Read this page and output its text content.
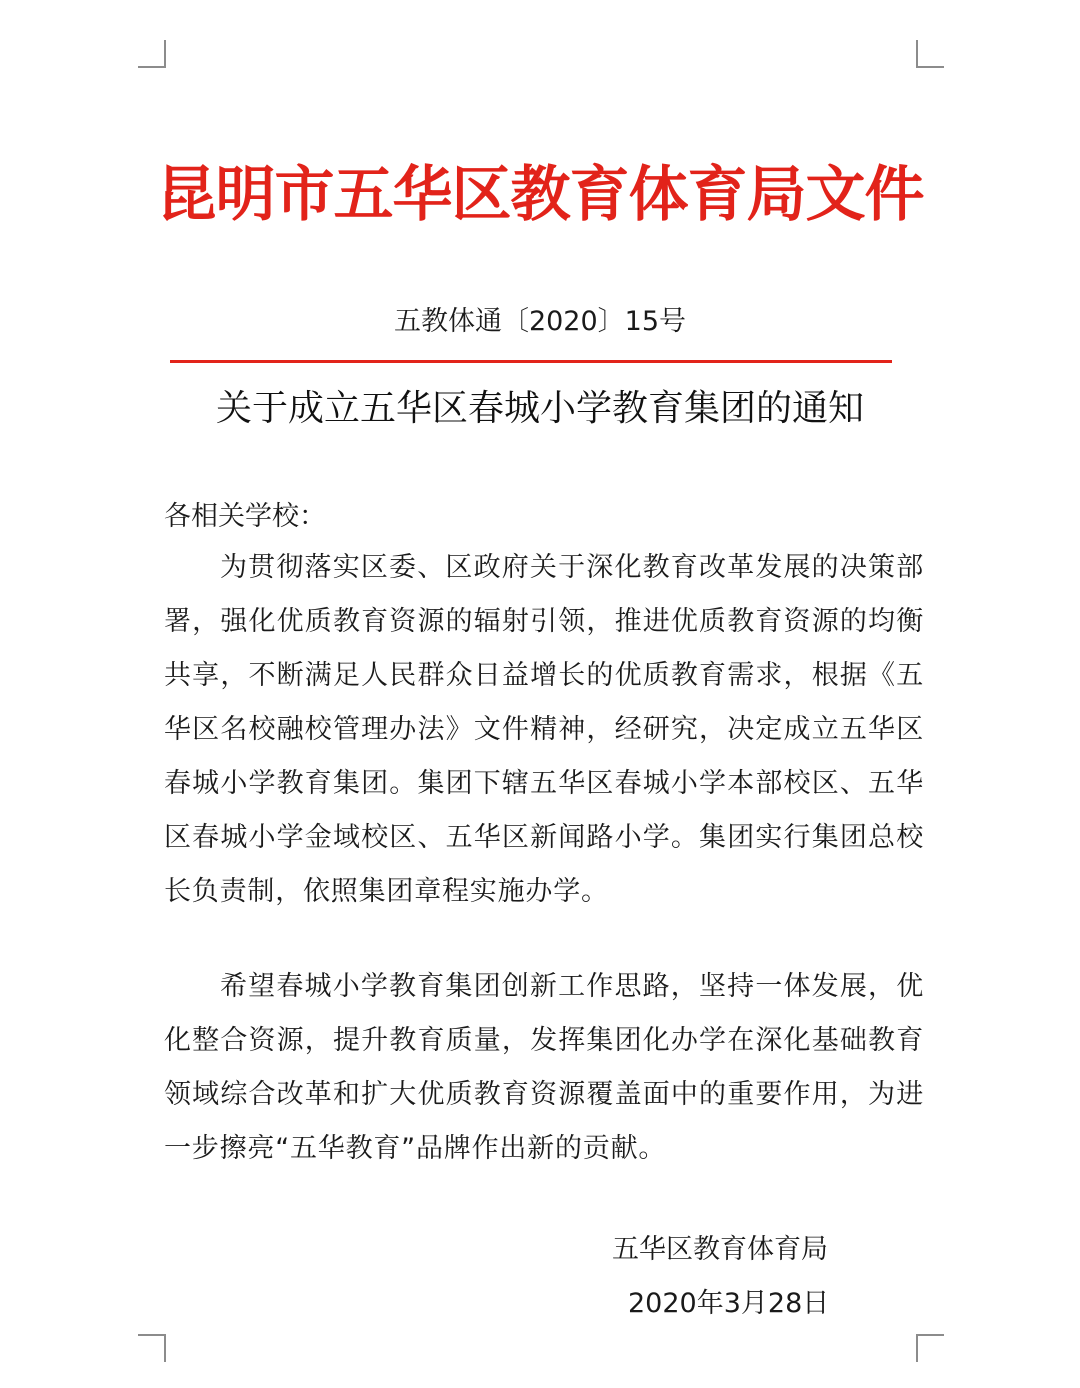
昆明市五华区教育体育局文件
五教体通〔2020〕15号
关于成立五华区春城小学教育集团的通知
各相关学校：

为贯彻落实区委、区政府关于深化教育改革发展的决策部署，强化优质教育资源的辐射引领，推进优质教育资源的均衡共享，不断满足人民群众日益增长的优质教育需求，根据《五华区名校融校管理办法》文件精神，经研究，决定成立五华区春城小学教育集团。集团下辖五华区春城小学本部校区、五华区春城小学金域校区、五华区新闻路小学。集团实行集团总校长负责制，依照集团章程实施办学。

希望春城小学教育集团创新工作思路，坚持一体发展，优化整合资源，提升教育质量，发挥集团化办学在深化基础教育领域综合改革和扩大优质教育资源覆盖面中的重要作用，为进一步擦亮“五华教育”品牌作出新的贡献。

五华区教育体育局
2020年3月28日
